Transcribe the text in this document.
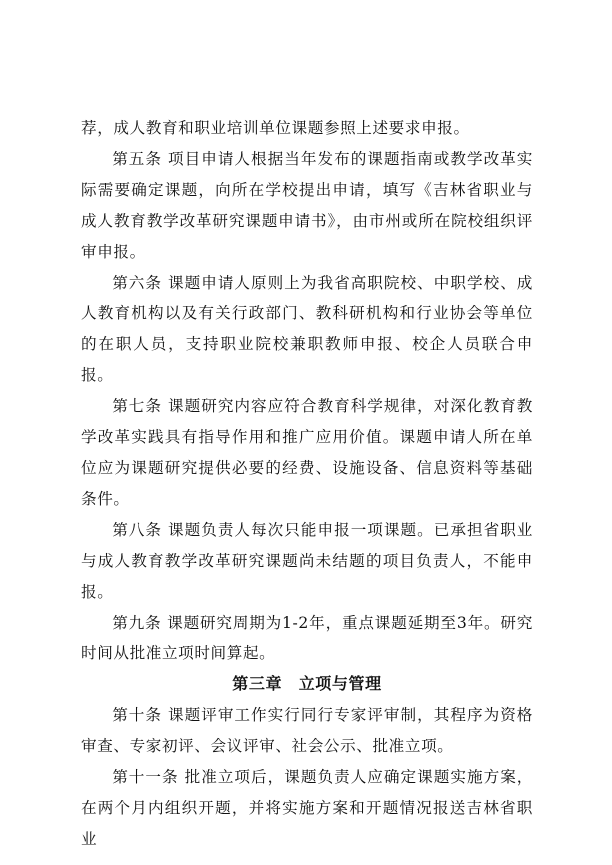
荐，成人教育和职业培训单位课题参照上述要求申报。

第五条 项目申请人根据当年发布的课题指南或教学改革实际需要确定课题，向所在学校提出申请，填写《吉林省职业与成人教育教学改革研究课题申请书》，由市州或所在院校组织评审申报。

第六条 课题申请人原则上为我省高职院校、中职学校、成人教育机构以及有关行政部门、教科研机构和行业协会等单位的在职人员，支持职业院校兼职教师申报、校企人员联合申报。

第七条 课题研究内容应符合教育科学规律，对深化教育教学改革实践具有指导作用和推广应用价值。课题申请人所在单位应为课题研究提供必要的经费、设施设备、信息资料等基础条件。

第八条 课题负责人每次只能申报一项课题。已承担省职业与成人教育教学改革研究课题尚未结题的项目负责人，不能申报。

第九条 课题研究周期为1-2年，重点课题延期至3年。研究时间从批准立项时间算起。

第三章　立项与管理

第十条 课题评审工作实行同行专家评审制，其程序为资格审查、专家初评、会议评审、社会公示、批准立项。

第十一条 批准立项后，课题负责人应确定课题实施方案，在两个月内组织开题，并将实施方案和开题情况报送吉林省职业
